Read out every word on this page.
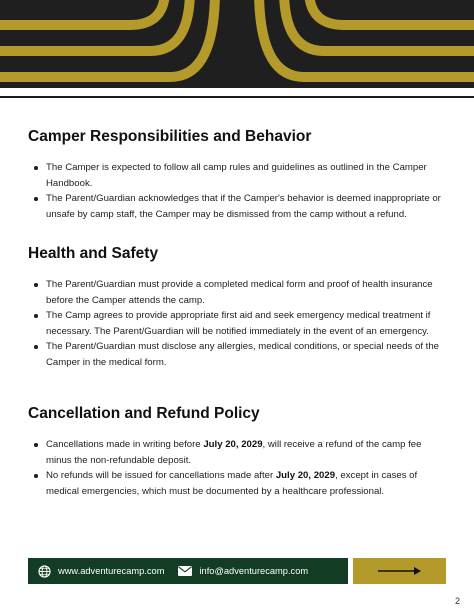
Camper Responsibilities and Behavior
The Camper is expected to follow all camp rules and guidelines as outlined in the Camper Handbook.
The Parent/Guardian acknowledges that if the Camper's behavior is deemed inappropriate or unsafe by camp staff, the Camper may be dismissed from the camp without a refund.
Health and Safety
The Parent/Guardian must provide a completed medical form and proof of health insurance before the Camper attends the camp.
The Camp agrees to provide appropriate first aid and seek emergency medical treatment if necessary. The Parent/Guardian will be notified immediately in the event of an emergency.
The Parent/Guardian must disclose any allergies, medical conditions, or special needs of the Camper in the medical form.
Cancellation and Refund Policy
Cancellations made in writing before July 20, 2029, will receive a refund of the camp fee minus the non-refundable deposit.
No refunds will be issued for cancellations made after July 20, 2029, except in cases of medical emergencies, which must be documented by a healthcare professional.
www.adventurecamp.com	info@adventurecamp.com
2
